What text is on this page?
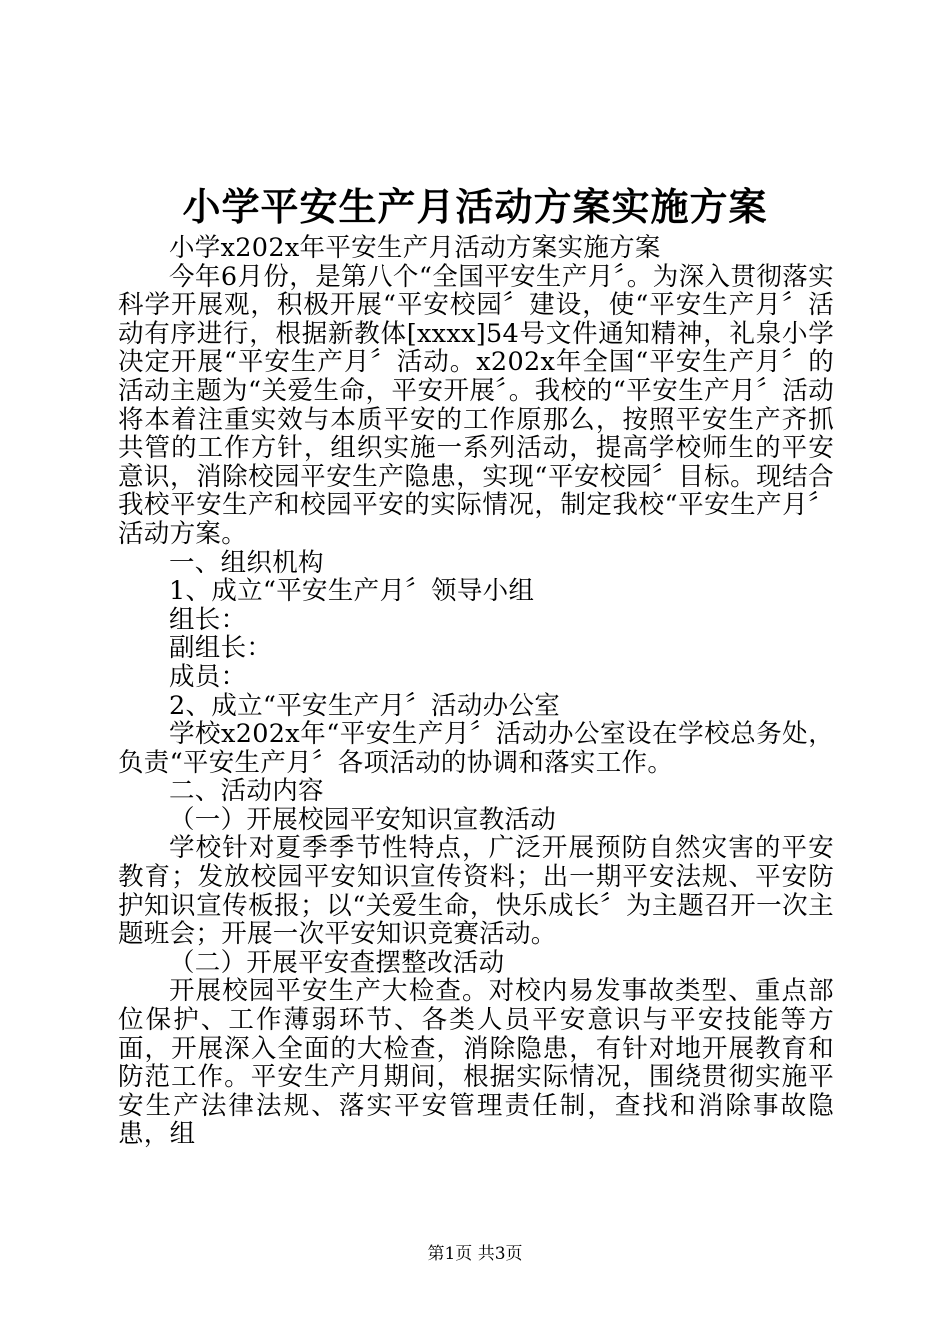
小学平安生产月活动方案实施方案

小学x202x年平安生产月活动方案实施方案

今年6月份，是第八个“全国平安生产月〞。为深入贯彻落实科学开展观，积极开展“平安校园〞建设，使“平安生产月〞活动有序进行，根据新教体[xxxx]54号文件通知精神，礼泉小学决定开展“平安生产月〞活动。x202x年全国“平安生产月〞的活动主题为“关爱生命，平安开展〞。我校的“平安生产月〞活动将本着注重实效与本质平安的工作原那么，按照平安生产齐抓共管的工作方针，组织实施一系列活动，提高学校师生的平安意识，消除校园平安生产隐患，实现“平安校园〞目标。现结合我校平安生产和校园平安的实际情况，制定我校“平安生产月〞活动方案。

一、组织机构

1、成立“平安生产月〞领导小组

组长：

副组长：

成员：

2、成立“平安生产月〞活动办公室

学校x202x年“平安生产月〞活动办公室设在学校总务处，负责“平安生产月〞各项活动的协调和落实工作。

二、活动内容

（一）开展校园平安知识宣教活动

学校针对夏季季节性特点，广泛开展预防自然灾害的平安教育；发放校园平安知识宣传资料；出一期平安法规、平安防护知识宣传板报；以“关爱生命，快乐成长〞为主题召开一次主题班会；开展一次平安知识竞赛活动。

（二）开展平安查摆整改活动

开展校园平安生产大检查。对校内易发事故类型、重点部位保护、工作薄弱环节、各类人员平安意识与平安技能等方面，开展深入全面的大检查，消除隐患，有针对地开展教育和防范工作。平安生产月期间，根据实际情况，围绕贯彻实施平安生产法律法规、落实平安管理责任制，查找和消除事故隐患，组

第1页 共3页
